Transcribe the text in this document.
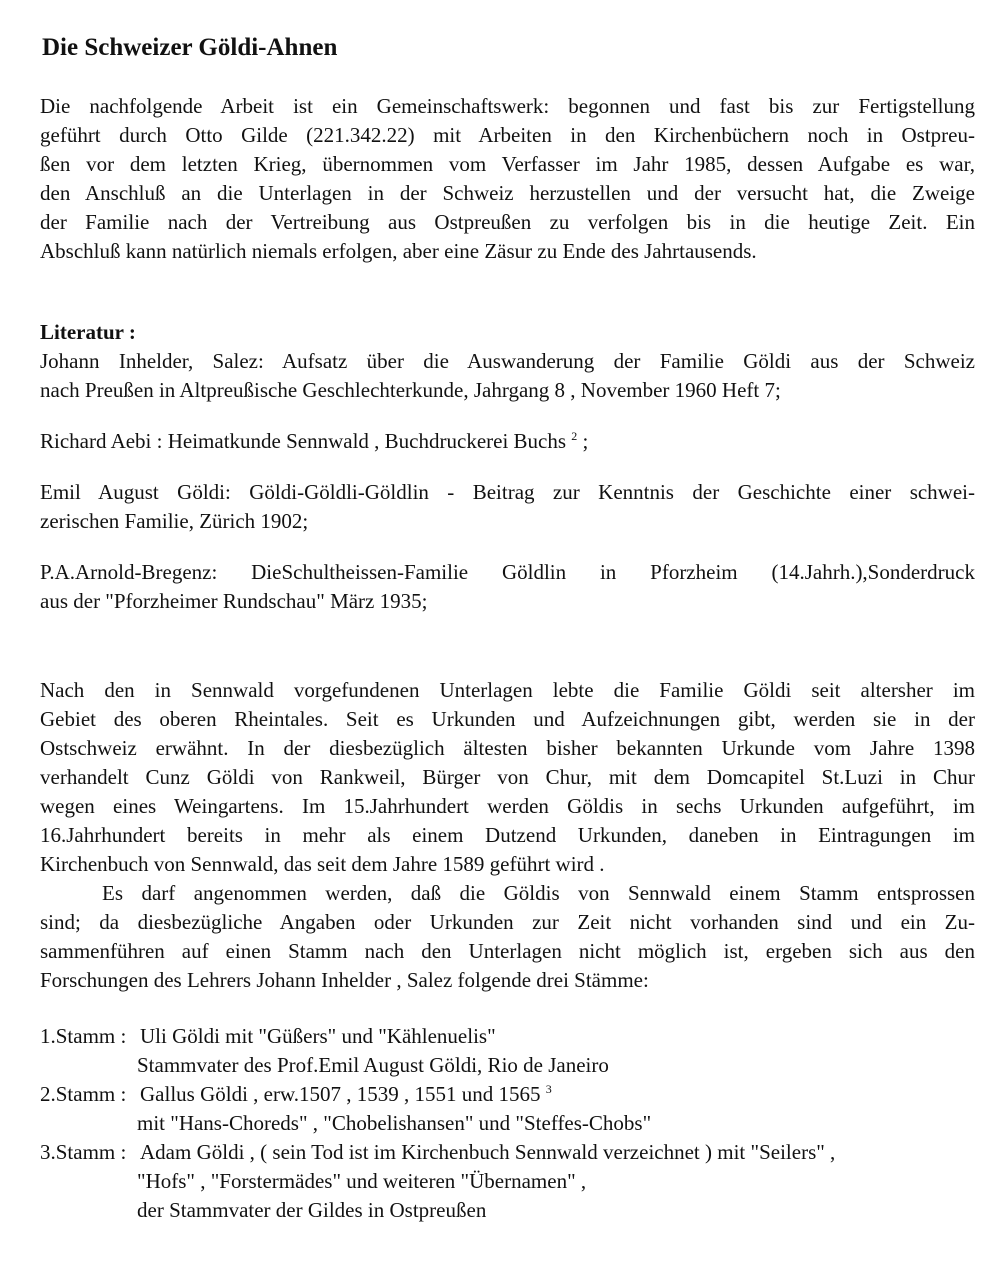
Die Schweizer Göldi-Ahnen

Die nachfolgende Arbeit ist ein Gemeinschaftswerk: begonnen und fast bis zur Fertigstellung
geführt durch Otto Gilde (221.342.22) mit Arbeiten in den Kirchenbüchern noch in Ostpreu-
ßen vor dem letzten Krieg, übernommen vom Verfasser im Jahr 1985, dessen Aufgabe es war,
den Anschluß an die Unterlagen in der Schweiz herzustellen und der versucht hat, die Zweige
der Familie nach der Vertreibung aus Ostpreußen zu verfolgen bis in die heutige Zeit. Ein
Abschluß kann natürlich niemals erfolgen, aber eine Zäsur zu Ende des Jahrtausends.

Literatur :

Johann Inhelder, Salez: Aufsatz über die Auswanderung der Familie Göldi aus der Schweiz
nach Preußen in Altpreußische Geschlechterkunde, Jahrgang 8 , November 1960 Heft 7;

Richard Aebi : Heimatkunde Sennwald , Buchdruckerei Buchs $^2$ ;

Emil August Göldi: Göldi-Göldli-Göldlin - Beitrag zur Kenntnis der Geschichte einer schwei-
zerischen Familie, Zürich 1902;

P.A.Arnold-Bregenz: DieSchultheissen-Familie Göldlin in Pforzheim (14.Jahrh.),Sonderdruck
aus der "Pforzheimer Rundschau" März 1935;

Nach den in Sennwald vorgefundenen Unterlagen lebte die Familie Göldi seit altersher im
Gebiet des oberen Rheintales. Seit es Urkunden und Aufzeichnungen gibt, werden sie in der
Ostschweiz erwähnt. In der diesbezüglich ältesten bisher bekannten Urkunde vom Jahre 1398
verhandelt Cunz Göldi von Rankweil, Bürger von Chur, mit dem Domcapitel St.Luzi in Chur
wegen eines Weingartens. Im 15.Jahrhundert werden Göldis in sechs Urkunden aufgeführt, im
16.Jahrhundert bereits in mehr als einem Dutzend Urkunden, daneben in Eintragungen im
Kirchenbuch von Sennwald, das seit dem Jahre 1589 geführt wird .

Es darf angenommen werden, daß die Göldis von Sennwald einem Stamm entsprossen
sind; da diesbezügliche Angaben oder Urkunden zur Zeit nicht vorhanden sind und ein Zu-
sammenführen auf einen Stamm nach den Unterlagen nicht möglich ist, ergeben sich aus den
Forschungen des Lehrers Johann Inhelder , Salez folgende drei Stämme:

1.Stamm : Uli Göldi mit "Güßers" und "Kählenuelis"
Stammvater des Prof.Emil August Göldi, Rio de Janeiro
2.Stamm : Gallus Göldi , erw.1507 , 1539 , 1551 und 1565 $^3$
mit "Hans-Choreds" , "Chobelishansen" und "Steffes-Chobs"
3.Stamm : Adam Göldi , ( sein Tod ist im Kirchenbuch Sennwald verzeichnet ) mit "Seilers" ,
"Hofs" , "Forstermädes" und weiteren "Übernamen" ,
der Stammvater der Gildes in Ostpreußen
